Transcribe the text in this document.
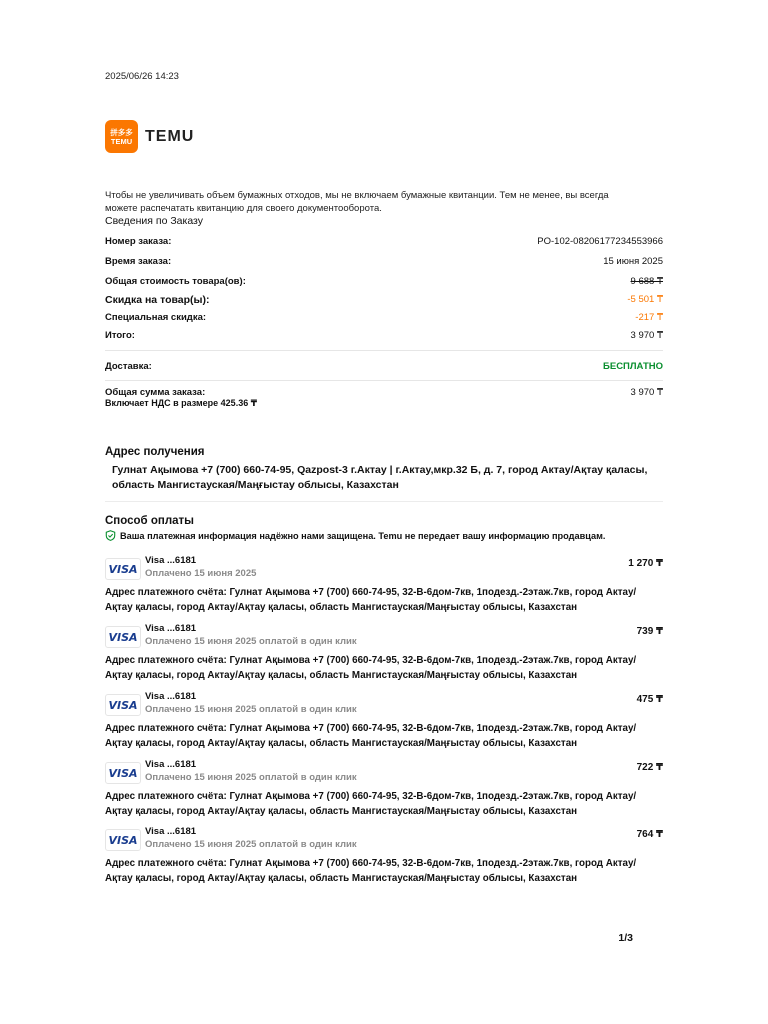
2025/06/26 14:23
拼多多
TEMU TEMU
Чтобы не увеличивать объем бумажных отходов, мы не включаем бумажные квитанции. Тем не менее, вы всегда можете распечатать квитанцию для своего документооборота.
Сведения по Заказу
Номер заказа:	PO-102-08206177234553966
Время заказа:	15 июня 2025
Общая стоимость товара(ов):	9 688 ₸
Скидка на товар(ы):	-5 501 ₸
Специальная скидка:	-217 ₸
Итого:	3 970 ₸
Доставка:	БЕСПЛАТНО
Общая сумма заказа:	3 970 ₸
Включает НДС в размере 425.36 ₸
Адрес получения
Гулнат Ақымова +7 (700) 660-74-95, Qazpost-3 г.Актау | г.Актау,мкр.32 Б, д. 7, город Актау/Ақтау қаласы, область Мангистауская/Маңғыстау облысы, Казахстан
Способ оплаты
Ваша платежная информация надёжно нами защищена. Temu не передает вашу информацию продавцам.
VISA
Visa ...6181
Оплачено 15 июня 2025
1 270 ₸
Адрес платежного счёта: Гулнат Ақымова +7 (700) 660-74-95, 32-В-6дом-7кв, 1подезд.-2этаж.7кв, город Актау/Ақтау қаласы, город Актау/Ақтау қаласы, область Мангистауская/Маңғыстау облысы, Казахстан
VISA
Visa ...6181
Оплачено 15 июня 2025 оплатой в один клик
739 ₸
Адрес платежного счёта: Гулнат Ақымова +7 (700) 660-74-95, 32-В-6дом-7кв, 1подезд.-2этаж.7кв, город Актау/Ақтау қаласы, город Актау/Ақтау қаласы, область Мангистауская/Маңғыстау облысы, Казахстан
VISA
Visa ...6181
Оплачено 15 июня 2025 оплатой в один клик
475 ₸
Адрес платежного счёта: Гулнат Ақымова +7 (700) 660-74-95, 32-В-6дом-7кв, 1подезд.-2этаж.7кв, город Актау/Ақтау қаласы, город Актау/Ақтау қаласы, область Мангистауская/Маңғыстау облысы, Казахстан
VISA
Visa ...6181
Оплачено 15 июня 2025 оплатой в один клик
722 ₸
Адрес платежного счёта: Гулнат Ақымова +7 (700) 660-74-95, 32-В-6дом-7кв, 1подезд.-2этаж.7кв, город Актау/Ақтау қаласы, город Актау/Ақтау қаласы, область Мангистауская/Маңғыстау облысы, Казахстан
VISA
Visa ...6181
Оплачено 15 июня 2025 оплатой в один клик
764 ₸
Адрес платежного счёта: Гулнат Ақымова +7 (700) 660-74-95, 32-В-6дом-7кв, 1подезд.-2этаж.7кв, город Актау/Ақтау қаласы, город Актау/Ақтау қаласы, область Мангистауская/Маңғыстау облысы, Казахстан
1/3
